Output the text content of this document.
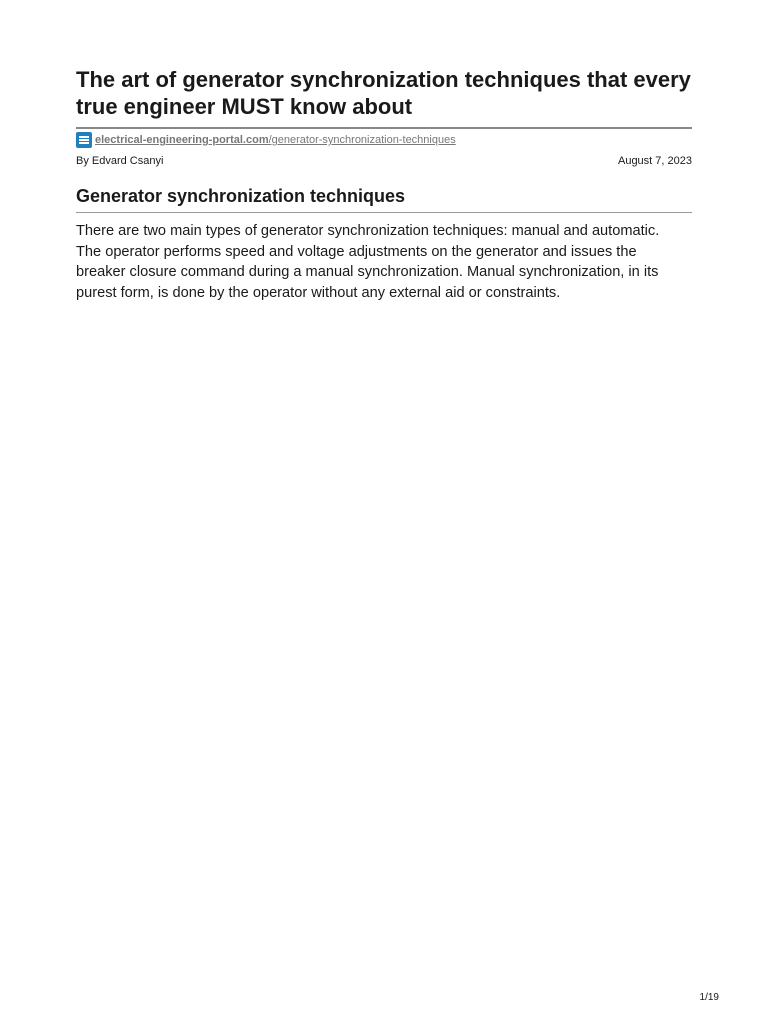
The art of generator synchronization techniques that every true engineer MUST know about
electrical-engineering-portal.com/generator-synchronization-techniques
By Edvard Csanyi	August 7, 2023
Generator synchronization techniques

There are two main types of generator synchronization techniques: manual and automatic. The operator performs speed and voltage adjustments on the generator and issues the breaker closure command during a manual synchronization. Manual synchronization, in its purest form, is done by the operator without any external aid or constraints.

1/19
